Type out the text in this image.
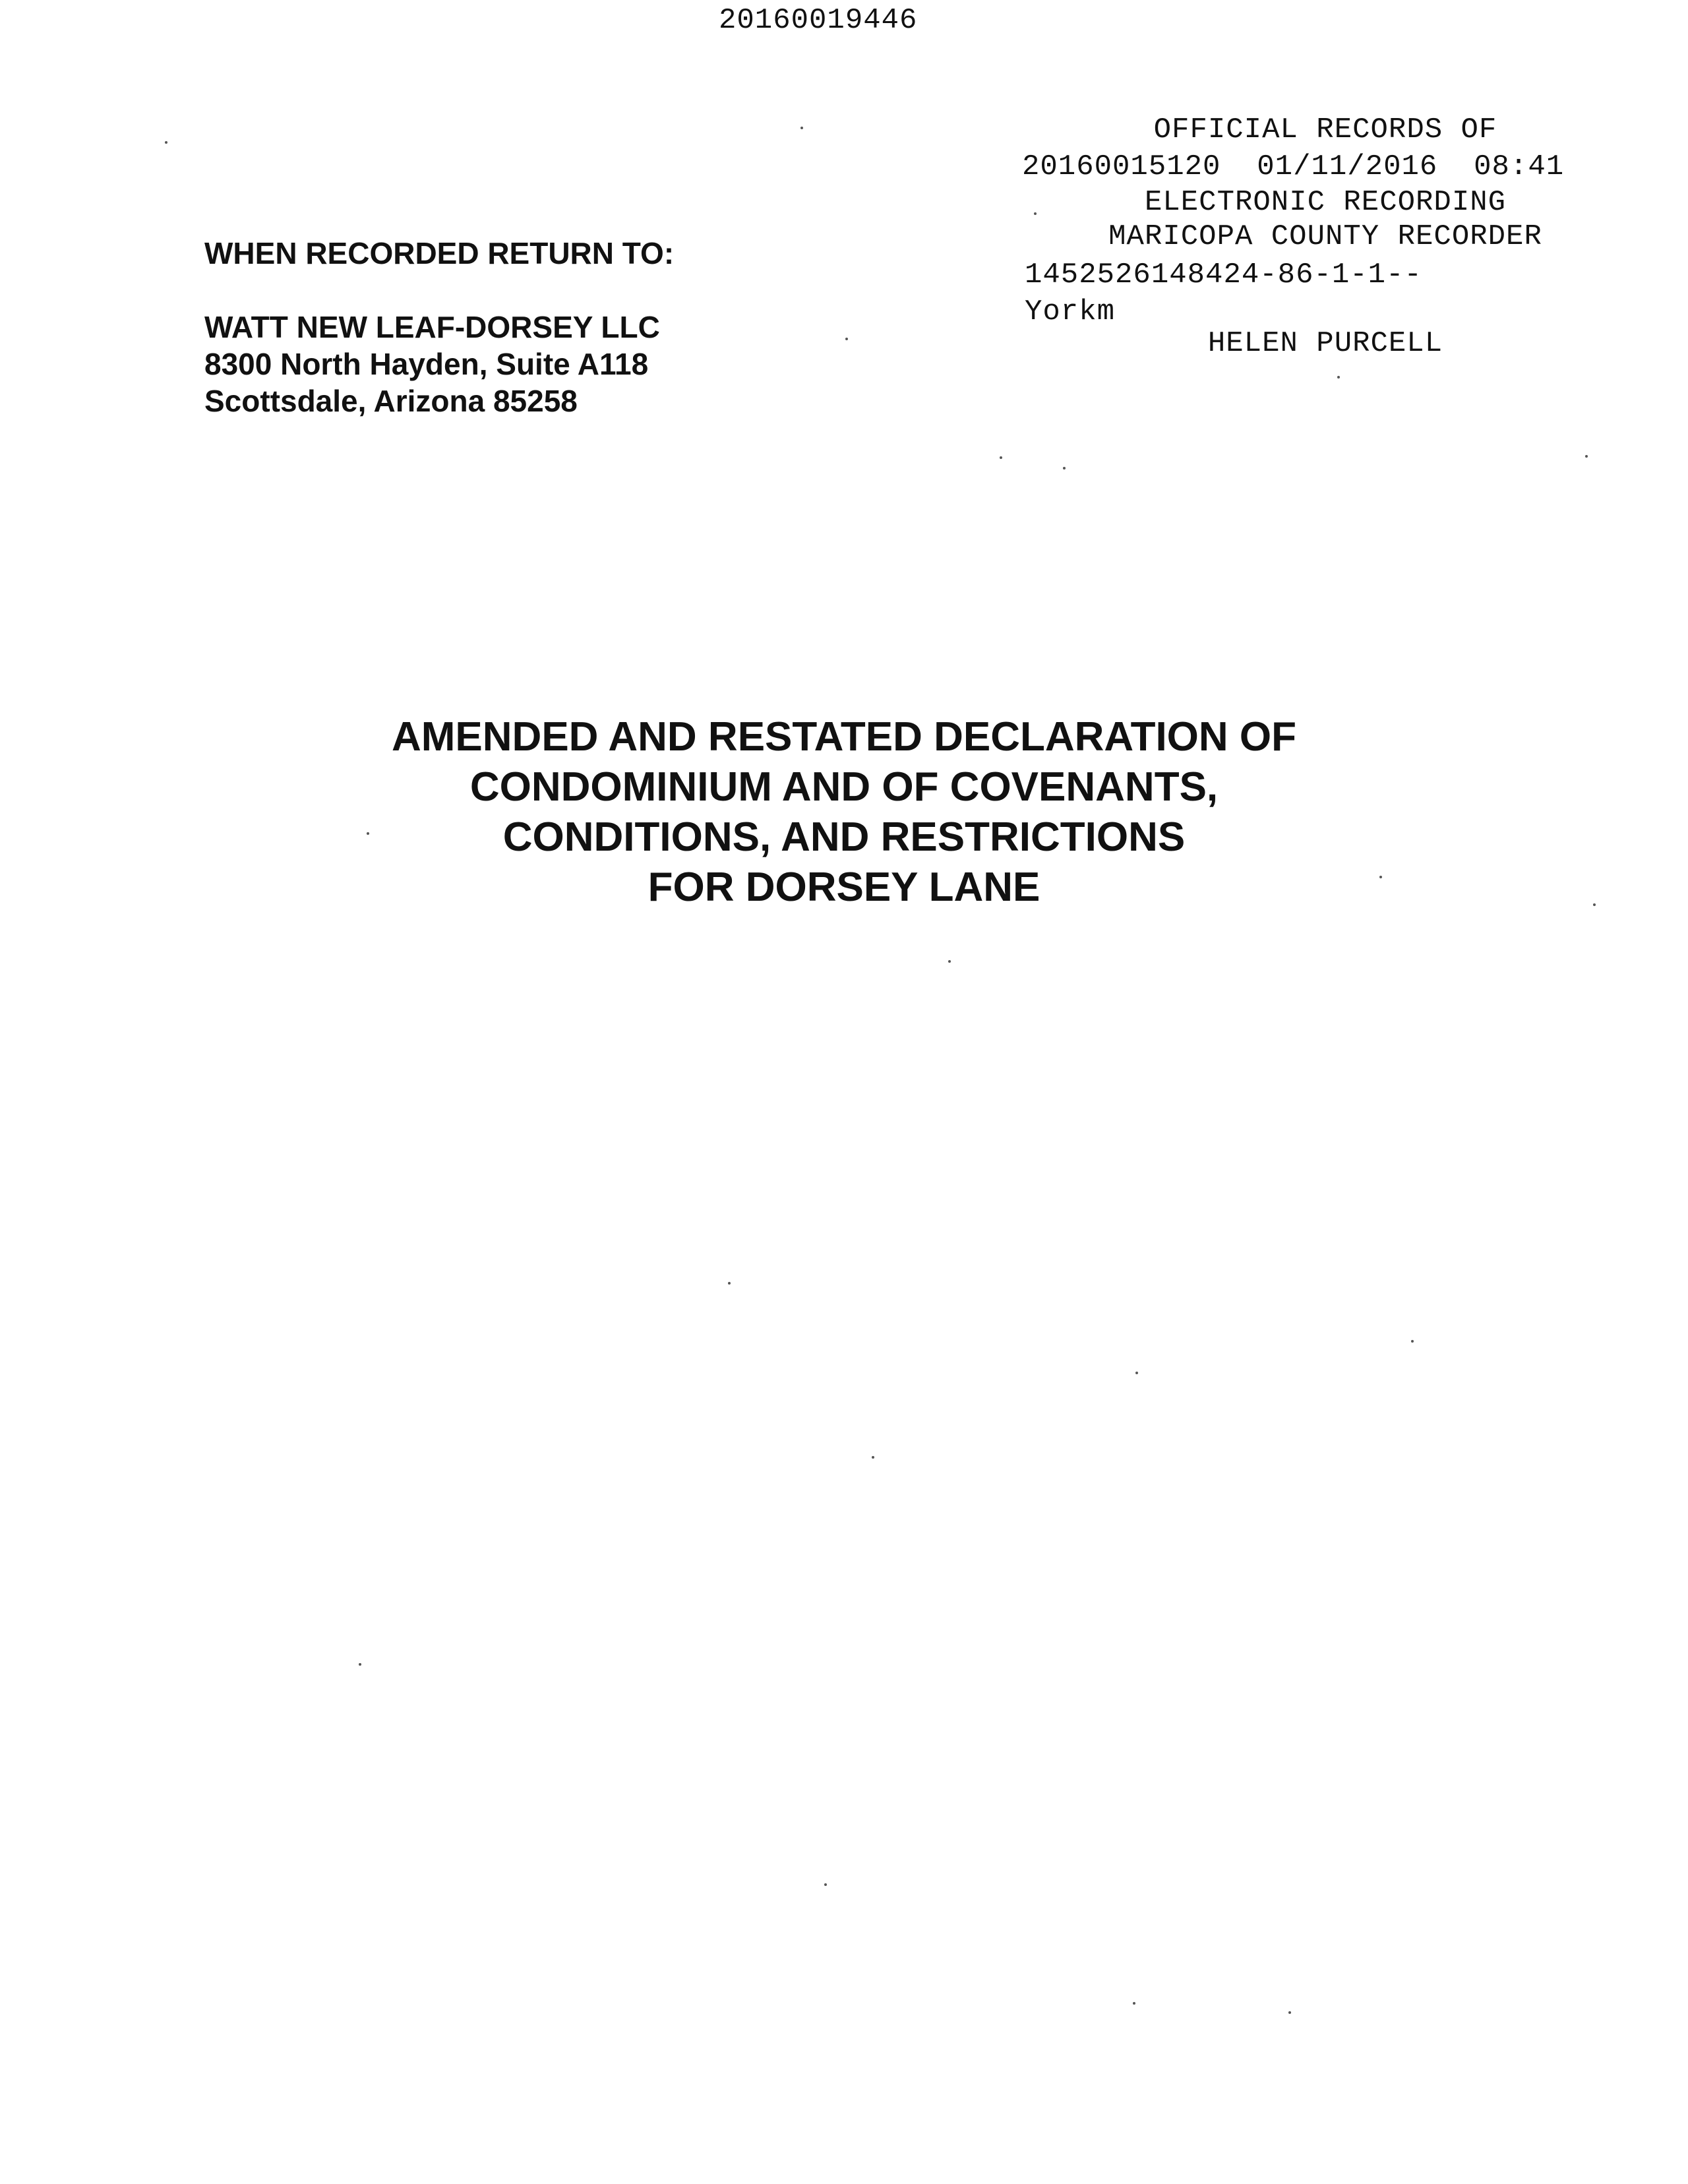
20160019446

OFFICIAL RECORDS OF

MARICOPA COUNTY RECORDER

HELEN PURCELL

20160015120  01/11/2016  08:41
ELECTRONIC RECORDING
1452526148424-86-1-1--
Yorkm
WHEN RECORDED RETURN TO:
WATT NEW LEAF-DORSEY LLC
8300 North Hayden, Suite A118
Scottsdale, Arizona 85258
AMENDED AND RESTATED DECLARATION OF
CONDOMINIUM AND OF COVENANTS,
CONDITIONS, AND RESTRICTIONS
FOR DORSEY LANE
